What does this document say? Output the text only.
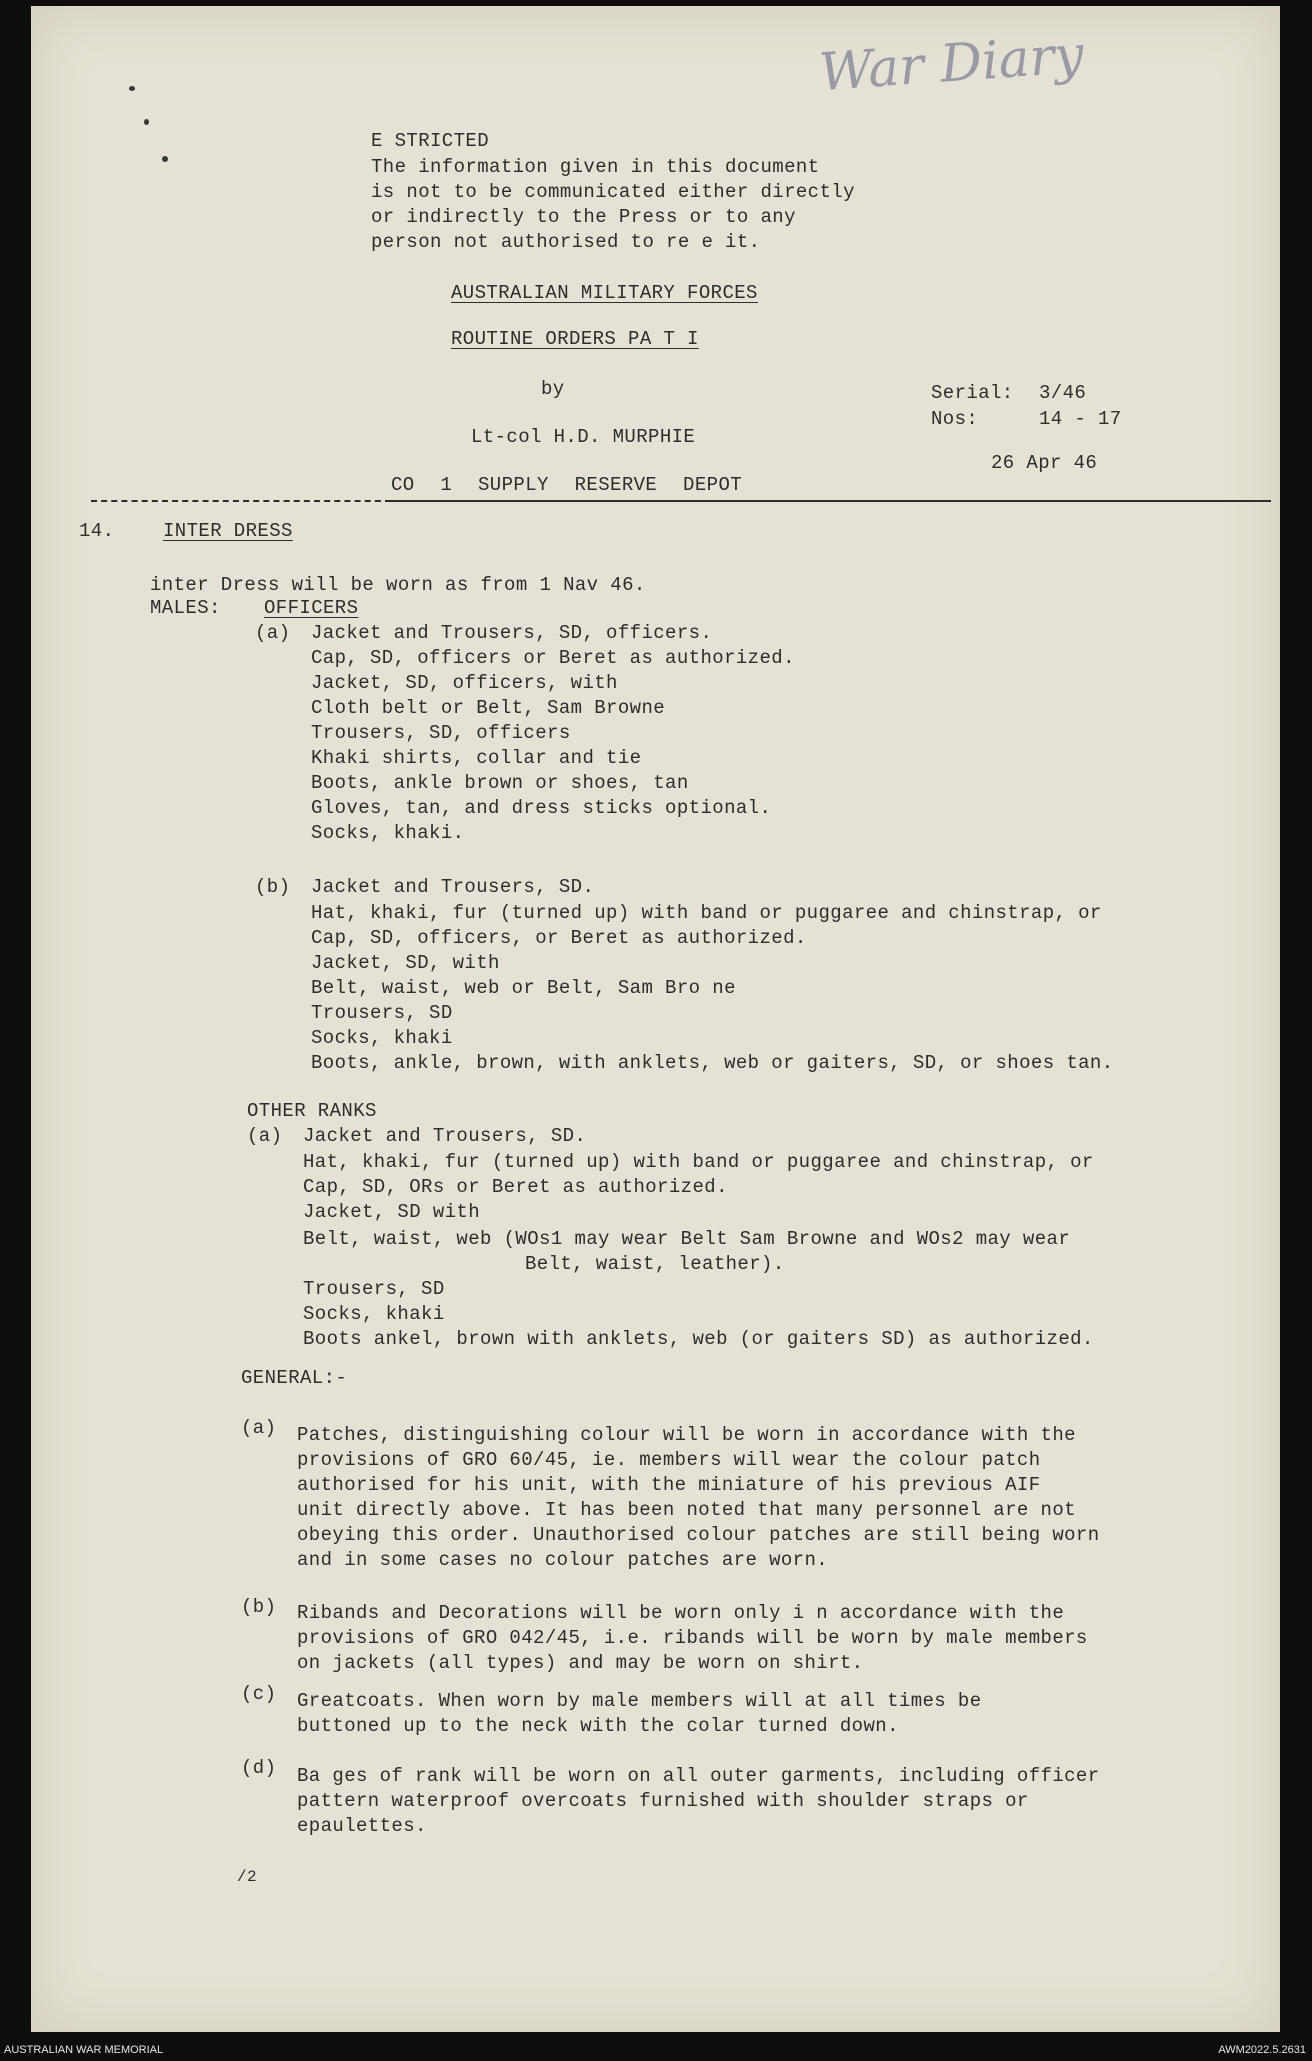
War Diary
E STRICTED
The information given in this document
is not to be communicated either directly
or indirectly to the Press or to any
person not authorised to re e it.
AUSTRALIAN MILITARY FORCES
ROUTINE ORDERS PA T I
by
Lt-col H.D. MURPHIE
Serial: 3/46
Nos:	14 - 17
26 Apr 46
CO 1 SUPPLY RESERVE DEPOT
14.	INTER DRESS
inter Dress will be worn as from 1 Nav 46.
MALES: OFFICERS
(a) Jacket and Trousers, SD, officers.
Cap, SD, officers or Beret as authorized.
Jacket, SD, officers, with
Cloth belt or Belt, Sam Browne
Trousers, SD, officers
Khaki shirts, collar and tie
Boots, ankle brown or shoes, tan
Gloves, tan, and dress sticks optional.
Socks, khaki.
(b) Jacket and Trousers, SD.
Hat, khaki, fur (turned up) with band or puggaree and chinstrap, or
Cap, SD, officers, or Beret as authorized.
Jacket, SD, with
Belt, waist, web or Belt, Sam Bro ne
Trousers, SD
Socks, khaki
Boots, ankle, brown, with anklets, web or gaiters, SD, or shoes tan.
OTHER RANKS
(a) Jacket and Trousers, SD.
Hat, khaki, fur (turned up) with band or puggaree and chinstrap, or
Cap, SD, ORs or Beret as authorized.
Jacket, SD with
Belt, waist, web (WOs1 may wear Belt Sam Browne and WOs2 may wear
Belt, waist, leather).
Trousers, SD
Socks, khaki
Boots ankel, brown with anklets, web (or gaiters SD) as authorized.
GENERAL:-
(a) Patches, distinguishing colour will be worn in accordance with the
provisions of GRO 60/45, ie. members will wear the colour patch
authorised for his unit, with the miniature of his previous AIF
unit directly above. It has been noted that many personnel are not
obeying this order. Unauthorised colour patches are still being worn
and in some cases no colour patches are worn.
(b) Ribands and Decorations will be worn only i n accordance with the
provisions of GRO 042/45, i.e. ribands will be worn by male members
on jackets (all types) and may be worn on shirt.
(c) Greatcoats. When worn by male members will at all times be
buttoned up to the neck with the colar turned down.
(d) Ba ges of rank will be worn on all outer garments, including officer
pattern waterproof overcoats furnished with shoulder straps or
epaulettes.
/2
AUSTRALIAN WAR MEMORIAL	AWM2022.5.2631
